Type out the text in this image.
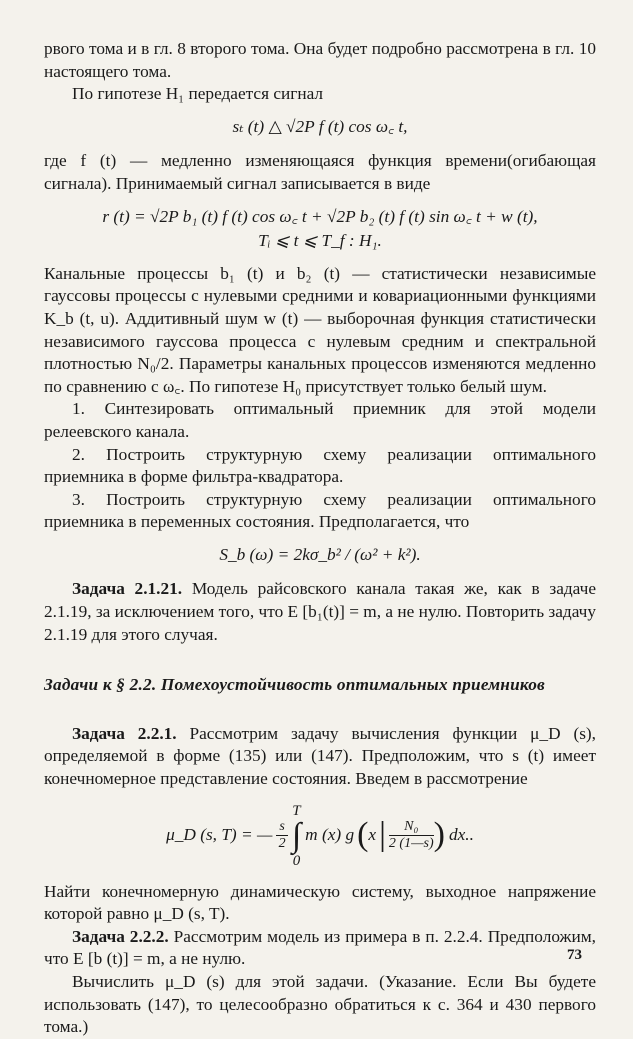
рвого тома и в гл. 8 второго тома. Она будет подробно рассмотрена в гл. 10 настоящего тома.

По гипотезе H₁ передается сигнал

sₜ (t) △ √2P f (t) cos ω꜀ t,

где f (t) — медленно изменяющаяся функция времени(огибающая сигнала). Принимаемый сигнал записывается в виде

r (t) = √2P b₁ (t) f (t) cos ω꜀ t + √2P b₂ (t) f (t) sin ω꜀ t + w (t),

Tᵢ ⩽ t ⩽ T_f : H₁.

Канальные процессы b₁ (t) и b₂ (t) — статистически независимые гауссовы процессы с нулевыми средними и ковариационными функциями K_b (t, u). Аддитивный шум w (t) — выборочная функция статистически независимого гауссова процесса с нулевым средним и спектральной плотностью N₀/2. Параметры канальных процессов изменяются медленно по сравнению с ω꜀. По гипотезе H₀ присутствует только белый шум.

1. Синтезировать оптимальный приемник для этой модели релеевского канала.

2. Построить структурную схему реализации оптимального приемника в форме фильтра-квадратора.

3. Построить структурную схему реализации оптимального приемника в переменных состояния. Предполагается, что

S_b (ω) = 2kσ_b² / (ω² + k²).

Задача 2.1.21. Модель райсовского канала такая же, как в задаче 2.1.19, за исключением того, что E [b₁(t)] = m, а не нулю. Повторить задачу 2.1.19 для этого случая.

Задачи к § 2.2. Помехоустойчивость оптимальных приемников

Задача 2.2.1. Рассмотрим задачу вычисления функции μ_D (s), определяемой в форме (135) или (147). Предположим, что s (t) имеет конечномерное представление состояния. Введем в рассмотрение

μ_D (s, T) = — $\frac{s}{2}$
T
∫
0
m (x) g ( x | $\frac{\text{N₀}}{2 (1—s)}$ ) dx..

Найти конечномерную динамическую систему, выходное напряжение которой равно μ_D (s, T).

Задача 2.2.2. Рассмотрим модель из примера в п. 2.2.4. Предположим, что E [b (t)] = m, а не нулю.

Вычислить μ_D (s) для этой задачи. (Указание. Если Вы будете использовать (147), то целесообразно обратиться к с. 364 и 430 первого тома.)

73
